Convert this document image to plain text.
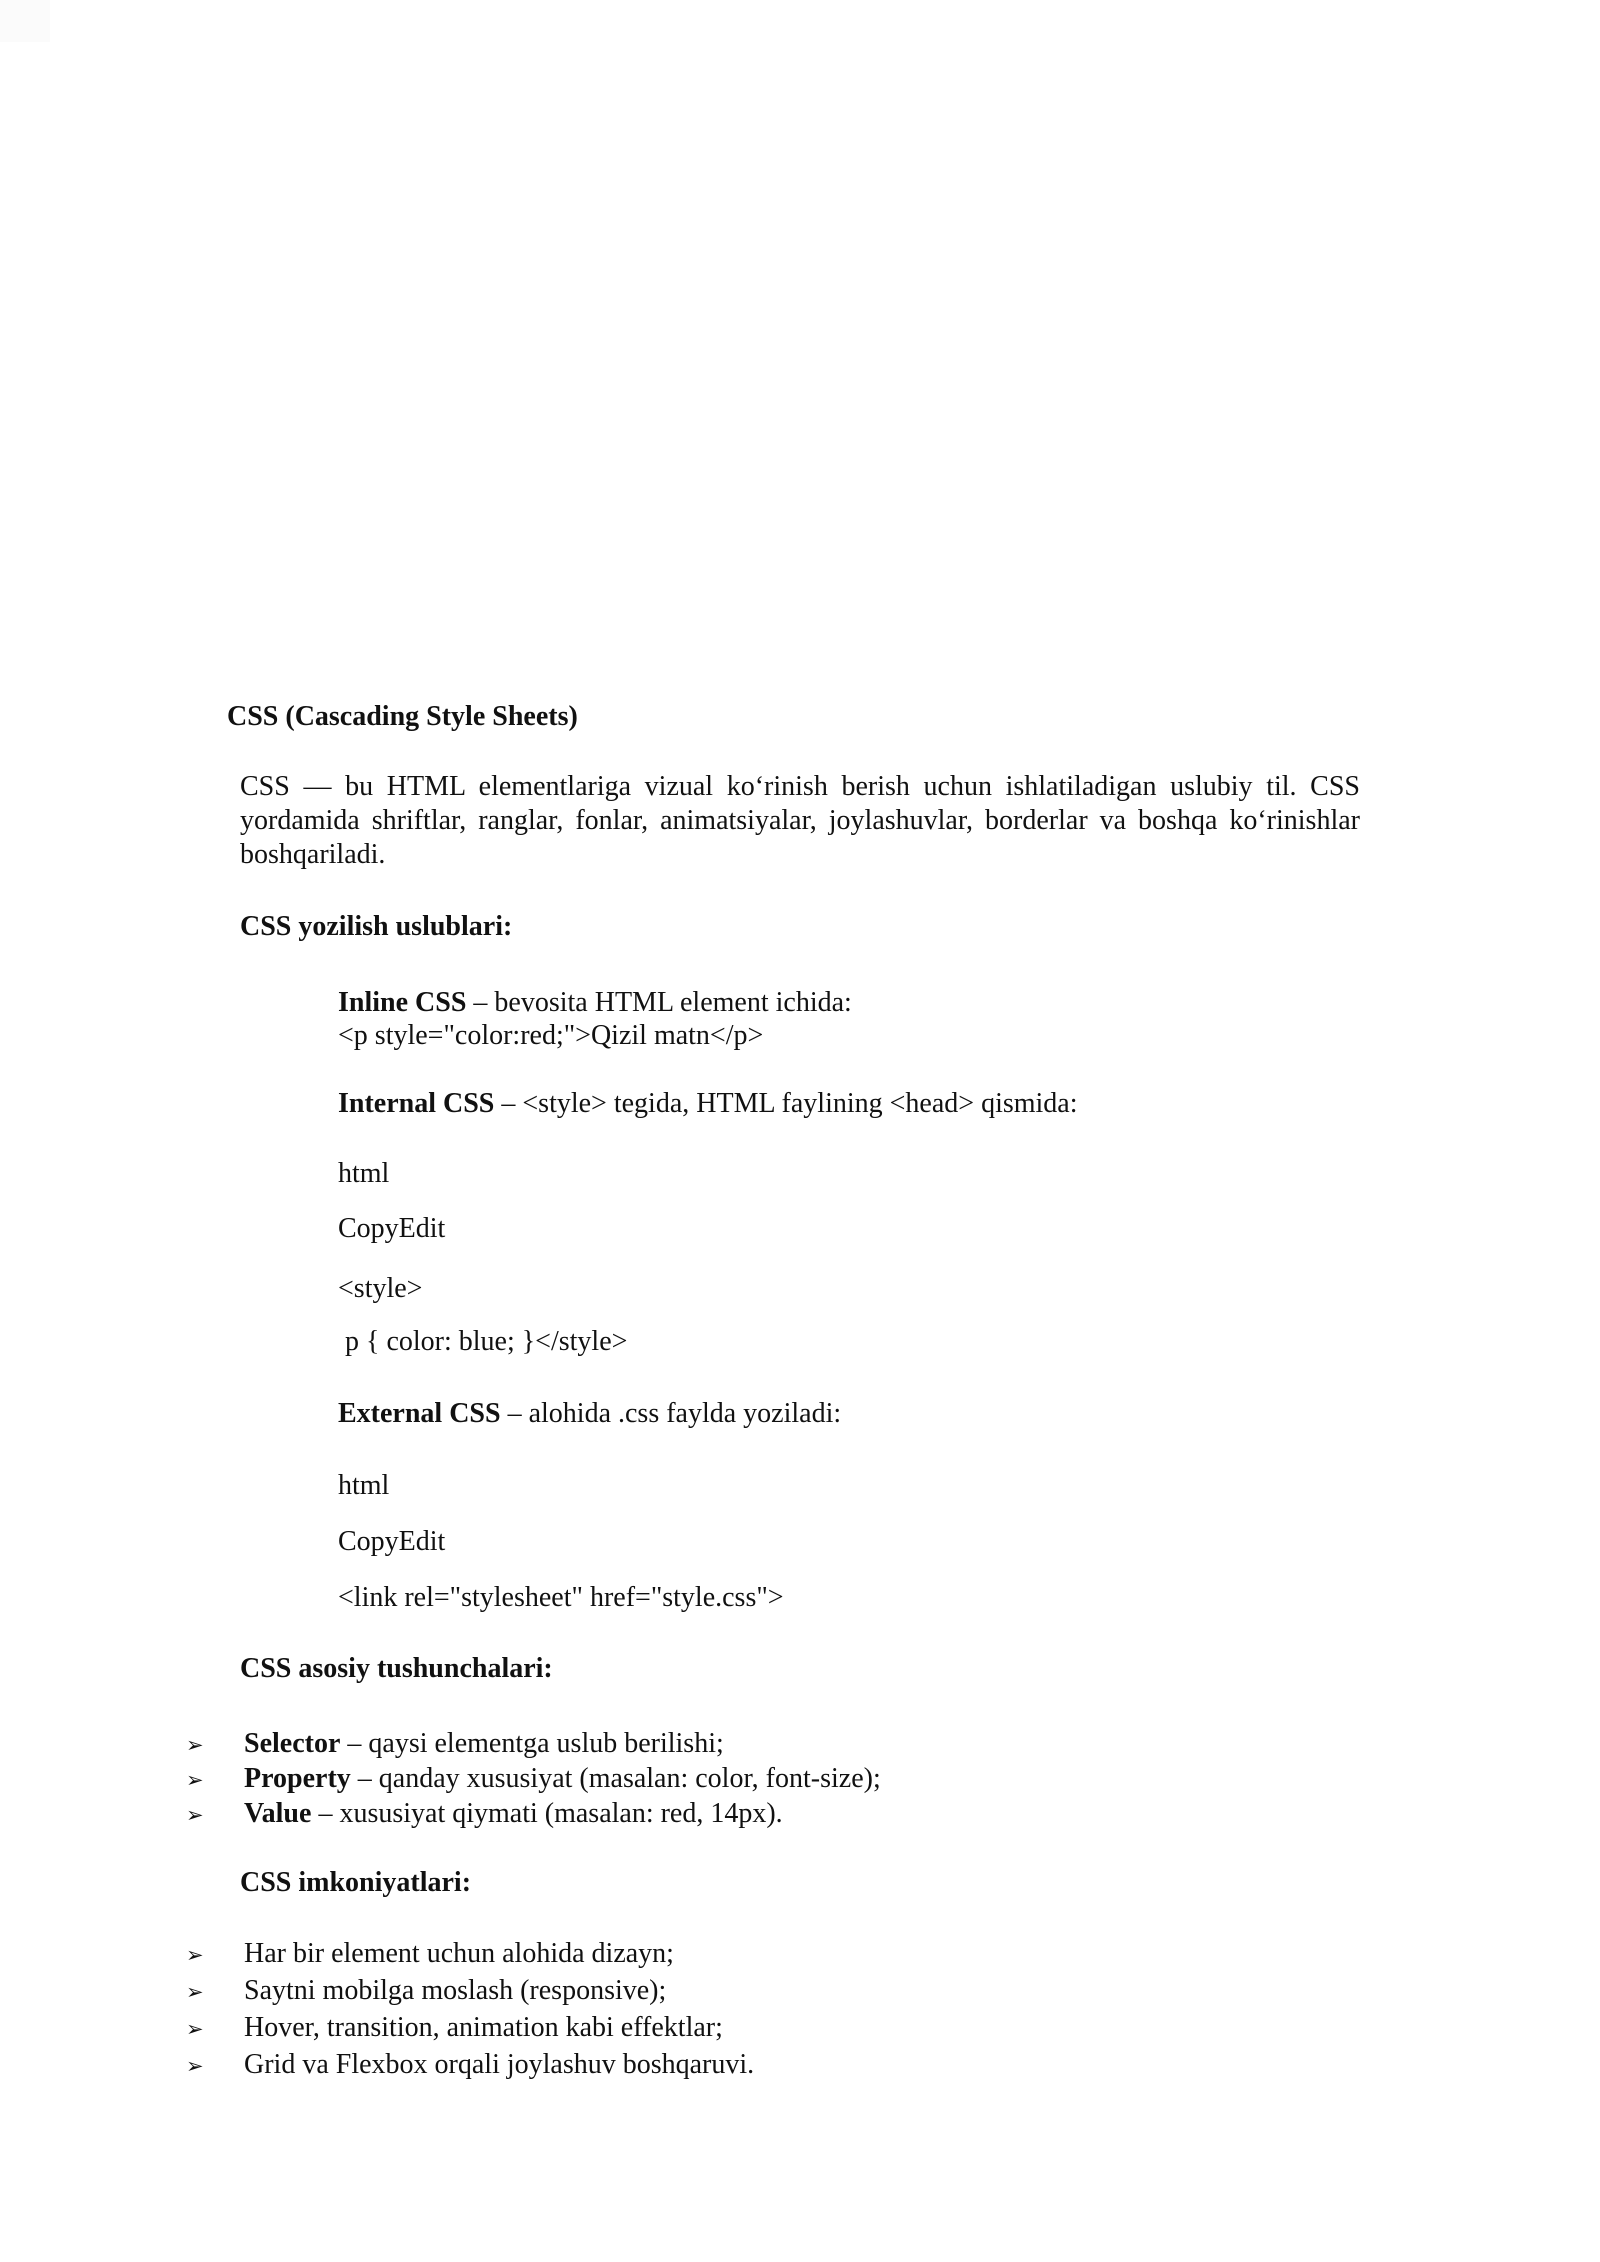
CSS (Cascading Style Sheets)

CSS — bu HTML elementlariga vizual ko‘rinish berish uchun ishlatiladigan uslubiy til. CSS yordamida shriftlar, ranglar, fonlar, animatsiyalar, joylashuvlar, borderlar va boshqa ko‘rinishlar boshqariladi.

CSS yozilish uslublari:

Inline CSS – bevosita HTML element ichida:

<p style="color:red;">Qizil matn</p>

Internal CSS – <style> tegida, HTML faylining <head> qismida:

html

CopyEdit

<style>

p { color: blue; }</style>

External CSS – alohida .css faylda yoziladi:

html

CopyEdit

<link rel="stylesheet" href="style.css">

CSS asosiy tushunchalari:
➢	Selector – qaysi elementga uslub berilishi;
➢	Property – qanday xususiyat (masalan: color, font-size);
➢	Value – xususiyat qiymati (masalan: red, 14px).
CSS imkoniyatlari:
➢	Har bir element uchun alohida dizayn;
➢	Saytni mobilga moslash (responsive);
➢	Hover, transition, animation kabi effektlar;
➢	Grid va Flexbox orqali joylashuv boshqaruvi.
